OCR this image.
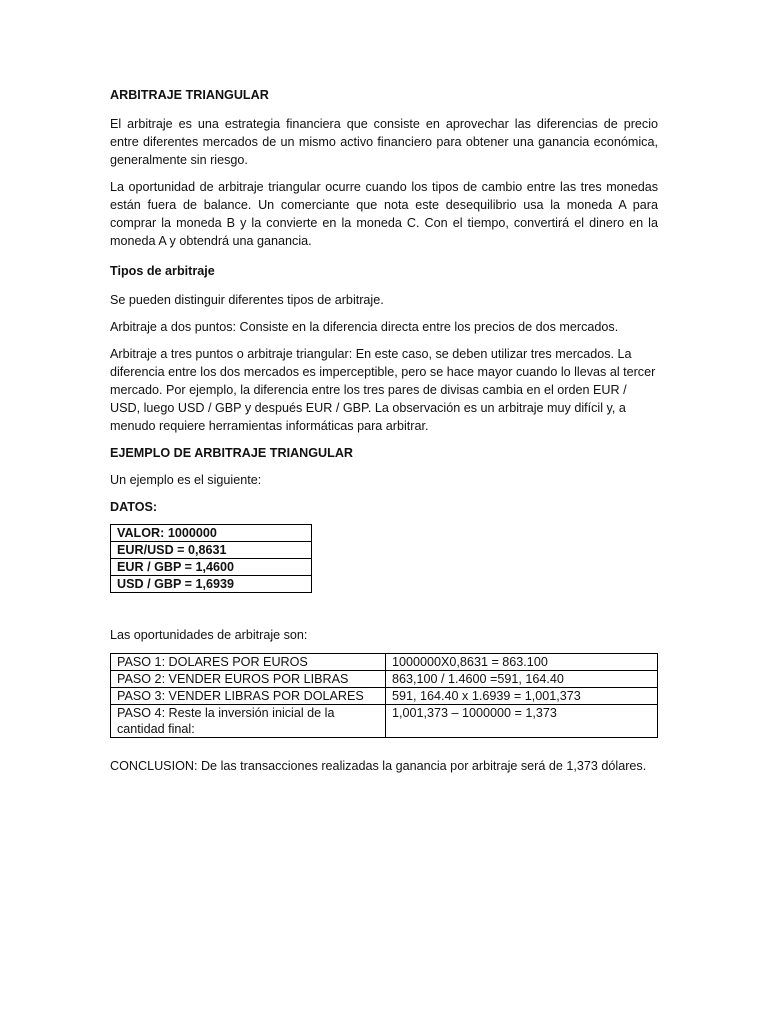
ARBITRAJE TRIANGULAR

El arbitraje es una estrategia financiera que consiste en aprovechar las diferencias de precio entre diferentes mercados de un mismo activo financiero para obtener una ganancia económica, generalmente sin riesgo.

La oportunidad de arbitraje triangular ocurre cuando los tipos de cambio entre las tres monedas están fuera de balance. Un comerciante que nota este desequilibrio usa la moneda A para comprar la moneda B y la convierte en la moneda C. Con el tiempo, convertirá el dinero en la moneda A y obtendrá una ganancia.

Tipos de arbitraje

Se pueden distinguir diferentes tipos de arbitraje.

Arbitraje a dos puntos: Consiste en la diferencia directa entre los precios de dos mercados.

Arbitraje a tres puntos o arbitraje triangular: En este caso, se deben utilizar tres mercados. La diferencia entre los dos mercados es imperceptible, pero se hace mayor cuando lo llevas al tercer mercado. Por ejemplo, la diferencia entre los tres pares de divisas cambia en el orden EUR / USD, luego USD / GBP y después EUR / GBP. La observación es un arbitraje muy difícil y, a menudo requiere herramientas informáticas para arbitrar.

EJEMPLO DE ARBITRAJE TRIANGULAR

Un ejemplo es el siguiente:

DATOS:
VALOR: 1000000
EUR/USD = 0,8631
EUR / GBP = 1,4600
USD / GBP = 1,6939

Las oportunidades de arbitraje son:

PASO 1: DOLARES POR EUROS	1000000X0,8631 = 863.100
PASO 2: VENDER EUROS POR LIBRAS	863,100 / 1.4600 =591, 164.40
PASO 3: VENDER LIBRAS POR DOLARES	591, 164.40 x 1.6939 = 1,001,373
PASO 4: Reste la inversión inicial de la cantidad final:	1,001,373 – 1000000 = 1,373

CONCLUSION: De las transacciones realizadas la ganancia por arbitraje será de 1,373 dólares.
